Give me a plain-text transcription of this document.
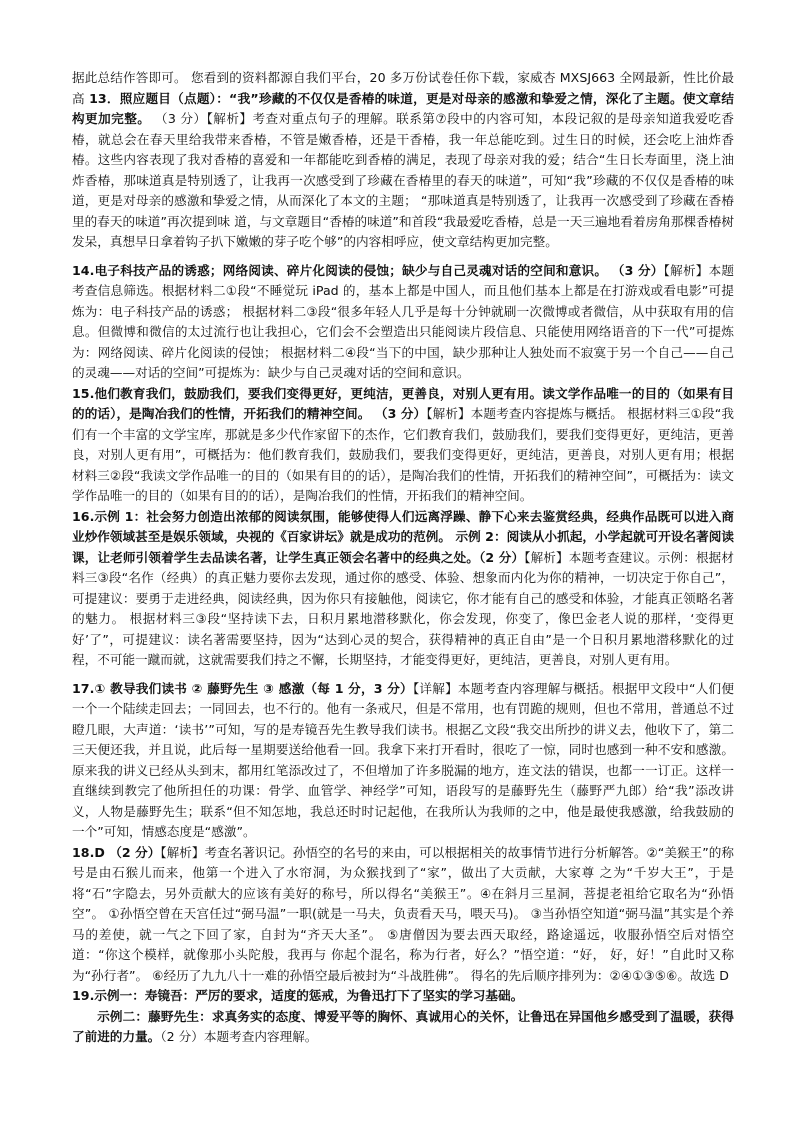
据此总结作答即可。 您看到的资料都源自我们平台，20 多万份试卷任你下载，家威杏 MXSJ663 全网最新，性比价最高 13．照应题目（点题）：“我”珍藏的不仅仅是香椿的味道，更是对母亲的感激和挚爱之情，深化了主题。使文章结构更加完整。 （3 分）【解析】考查对重点句子的理解。联系第⑦段中的内容可知，本段记叙的是母亲知道我爱吃香椿，就总会在春天里给我带来香椿，不管是嫩香椿，还是干香椿，我一年总能吃到。过生日的时候，还会吃上油炸香椿。这些内容表现了我对香椿的喜爱和一年都能吃到香椿的满足，表现了母亲对我的爱；结合“生日长寿面里，浇上油炸香椿，那味道真是特别透了，让我再一次感受到了珍藏在香椿里的春天的味道”，可知“我”珍藏的不仅仅是香椿的味道，更是对母亲的感激和挚爱之情，从而深化了本文的主题； “那味道真是特别透了，让我再一次感受到了珍藏在香椿里的春天的味道”再次提到味 道，与文章题目“香椿的味道”和首段“我最爱吃香椿，总是一天三遍地看着房角那棵香椿树发呆，真想早日拿着钩子扒下嫩嫩的芽子吃个够”的内容相呼应，使文章结构更加完整。

14.电子科技产品的诱惑；网络阅读、碎片化阅读的侵蚀；缺少与自己灵魂对话的空间和意识。 （3 分）【解析】本题考查信息筛选。根据材料二①段“不睡觉玩 iPad 的，基本上都是中国人，而且他们基本上都是在打游戏或看电影”可提炼为：电子科技产品的诱惑； 根据材料二③段“很多年轻人几乎是每十分钟就刷一次微博或者微信，从中获取有用的信息。但微博和微信的太过流行也让我担心，它们会不会塑造出只能阅读片段信息、只能使用网络语音的下一代”可提炼为：网络阅读、碎片化阅读的侵蚀； 根据材料二④段“当下的中国，缺少那种让人独处而不寂寞于另一个自己——自己的灵魂——对话的空间”可提炼为：缺少与自己灵魂对话的空间和意识。

15.他们教育我们，鼓励我们，要我们变得更好，更纯洁，更善良，对别人更有用。读文学作品唯一的目的（如果有目的的话），是陶冶我们的性情，开拓我们的精神空间。 （3 分）【解析】本题考查内容提炼与概括。 根据材料三①段“我们有一个丰富的文学宝库，那就是多少代作家留下的杰作，它们教育我们，鼓励我们，要我们变得更好，更纯洁，更善良，对别人更有用”，可概括为：他们教育我们，鼓励我们，要我们变得更好，更纯洁，更善良，对别人更有用；根据材料三②段“我读文学作品唯一的目的（如果有目的的话），是陶冶我们的性情，开拓我们的精神空间”，可概括为：读文学作品唯一的目的（如果有目的的话），是陶冶我们的性情，开拓我们的精神空间。

16.示例 1：社会努力创造出浓郁的阅读氛围，能够使得人们远离浮躁、静下心来去鉴赏经典，经典作品既可以进入商业炒作领域甚至是娱乐领域，央视的《百家讲坛》就是成功的范例。 示例 2：阅读从小抓起，小学起就可开设名著阅读课，让老师引领着学生去品读名著，让学生真正领会名著中的经典之处。（2 分）【解析】本题考查建议。示例：根据材料三③段“名作（经典）的真正魅力要你去发现，通过你的感受、体验、想象而内化为你的精神，一切决定于你自己”，可提建议：要勇于走进经典，阅读经典，因为你只有接触他，阅读它，你才能有自己的感受和体验，才能真正领略名著的魅力。 根据材料三③段“坚持读下去，日积月累地潜移默化，你会发现，你变了，像巴金老人说的那样，‘变得更好’了”，可提建议：读名著需要坚持，因为“达到心灵的契合，获得精神的真正自由”是一个日积月累地潜移默化的过程，不可能一蹴而就，这就需要我们持之不懈，长期坚持，才能变得更好，更纯洁，更善良，对别人更有用。

17.① 教导我们读书 ② 藤野先生 ③ 感激（每 1 分，3 分）【详解】本题考查内容理解与概括。根据甲文段中“人们便一个一个陆续走回去；一同回去，也不行的。他有一条戒尺，但是不常用，也有罚跪的规则，但也不常用，普通总不过瞪几眼，大声道：‘读书’”可知，写的是寿镜吾先生教导我们读书。根据乙文段“我交出所抄的讲义去，他收下了，第二三天便还我，并且说，此后每一星期要送给他看一回。我拿下来打开看时，很吃了一惊，同时也感到一种不安和感激。原来我的讲义已经从头到末，都用红笔添改过了，不但增加了许多脱漏的地方，连文法的错误，也都一一订正。这样一直继续到教完了他所担任的功课：骨学、血管学、神经学”可知，语段写的是藤野先生（藤野严九郎）给“我”添改讲义，人物是藤野先生；联系“但不知怎地，我总还时时记起他，在我所认为我师的之中，他是最使我感激，给我鼓励的一个”可知，情感态度是“感激”。

18.D （2 分）【解析】考查名著识记。孙悟空的名号的来由，可以根据相关的故事情节进行分析解答。②“美猴王”的称号是由石猴儿而来，他第一个进入了水帘洞，为众猴找到了“家”，做出了大贡献，大家尊 之为“千岁大王”，于是将“石”字隐去，另外贡献大的应该有美好的称号，所以得名“美猴王”。④在斜月三星洞，菩提老祖给它取名为“孙悟空”。 ①孙悟空曾在天宫任过“弼马温”一职(就是一马夫，负责看天马，喂天马)。 ③当孙悟空知道“弼马温”其实是个养马的差使，就一气之下回了家，自封为“齐天大圣”。 ⑤唐僧因为要去西天取经，路途遥远，收服孙悟空后对悟空道：“你这个模样，就像那小头陀般，我再与 你起个混名，称为行者，好么？”悟空道：“好， 好，好！”自此时又称为“孙行者”。 ⑥经历了九九八十一难的孙悟空最后被封为“斗战胜佛”。 得名的先后顺序排列为：②④①③⑤⑥。故选 D

19.示例一：寿镜吾：严厉的要求，适度的惩戒，为鲁迅打下了坚实的学习基础。

示例二：藤野先生：求真务实的态度、博爱平等的胸怀、真诚用心的关怀，让鲁迅在异国他乡感受到了温暖，获得了前进的力量。（2 分）本题考查内容理解。
